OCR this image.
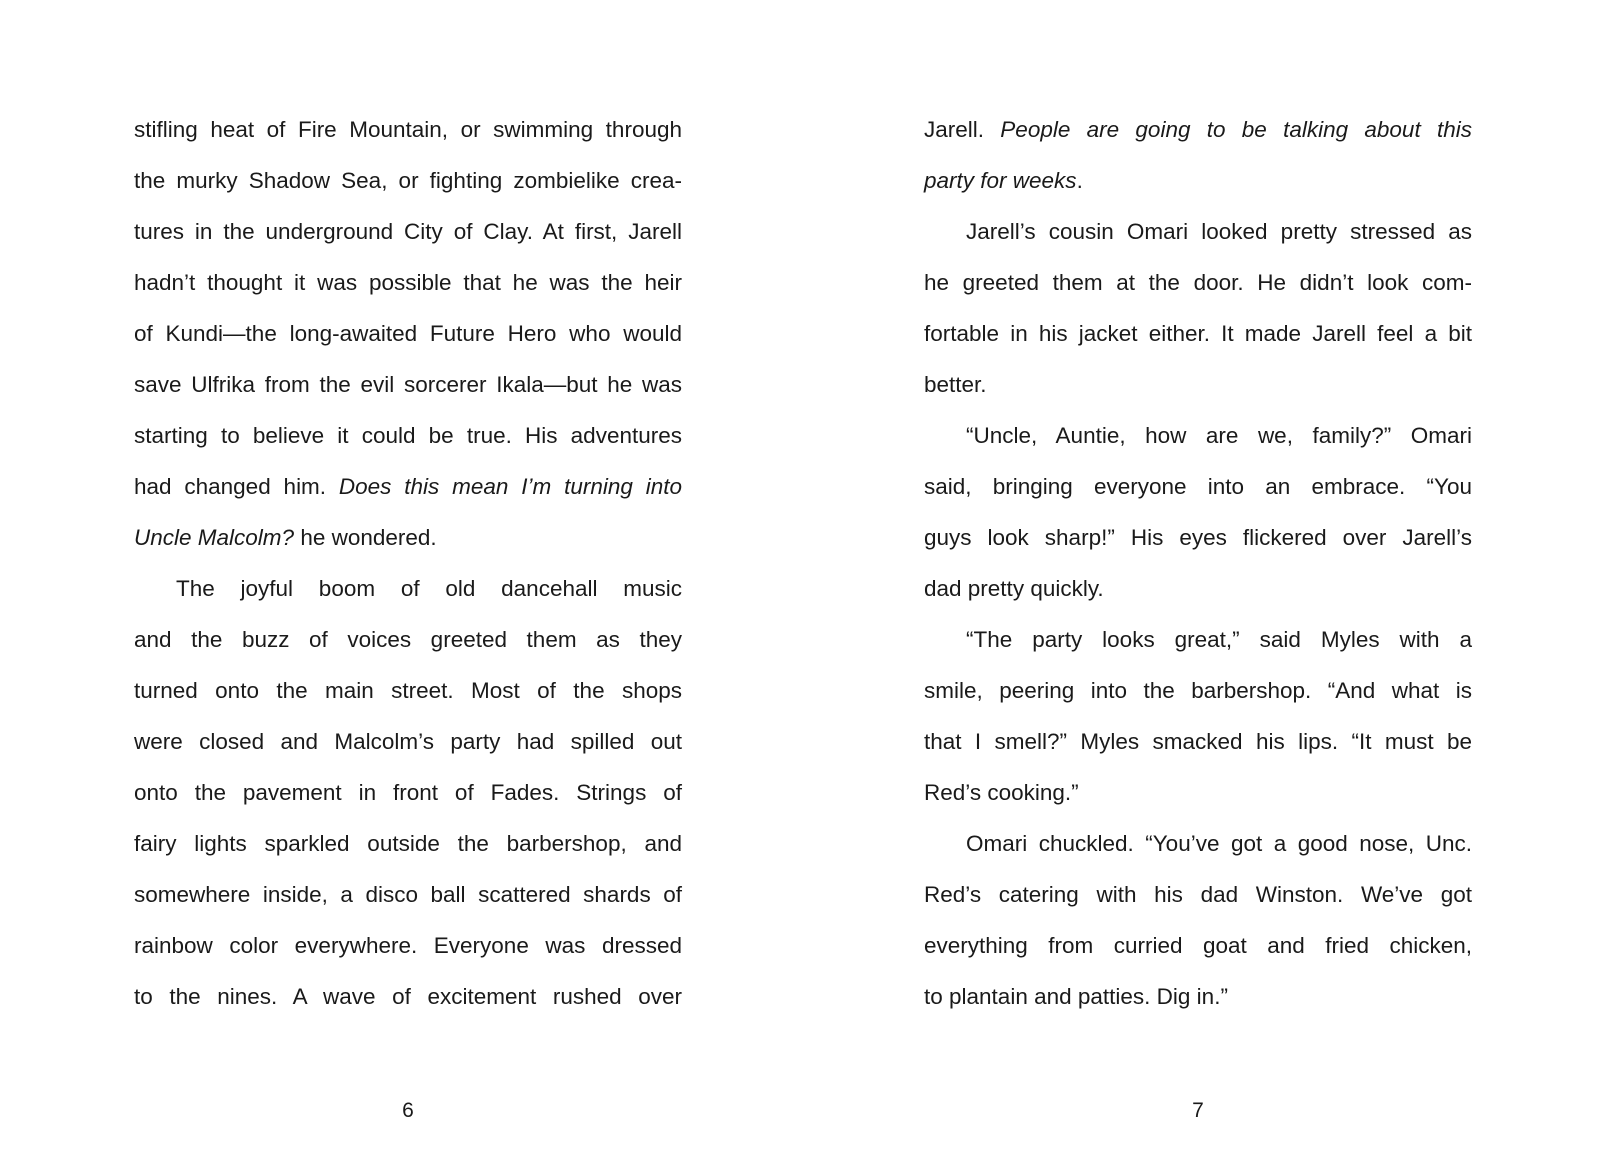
stifling heat of Fire Mountain, or swimming through
the murky Shadow Sea, or fighting zombielike crea-
tures in the underground City of Clay. At first, Jarell
hadn’t thought it was possible that he was the heir
of Kundi—the long-awaited Future Hero who would
save Ulfrika from the evil sorcerer Ikala—but he was
starting to believe it could be true. His adventures
had changed him. Does this mean I’m turning into
Uncle Malcolm? he wondered.
The joyful boom of old dancehall music
and the buzz of voices greeted them as they
turned onto the main street. Most of the shops
were closed and Malcolm’s party had spilled out
onto the pavement in front of Fades. Strings of
fairy lights sparkled outside the barbershop, and
somewhere inside, a disco ball scattered shards of
rainbow color everywhere. Everyone was dressed
to the nines. A wave of excitement rushed over
6
Jarell. People are going to be talking about this
party for weeks.
Jarell’s cousin Omari looked pretty stressed as
he greeted them at the door. He didn’t look com-
fortable in his jacket either. It made Jarell feel a bit
better.
“Uncle, Auntie, how are we, family?” Omari
said, bringing everyone into an embrace. “You
guys look sharp!” His eyes flickered over Jarell’s
dad pretty quickly.
“The party looks great,” said Myles with a
smile, peering into the barbershop. “And what is
that I smell?” Myles smacked his lips. “It must be
Red’s cooking.”
Omari chuckled. “You’ve got a good nose, Unc.
Red’s catering with his dad Winston. We’ve got
everything from curried goat and fried chicken,
to plantain and patties. Dig in.”
7
